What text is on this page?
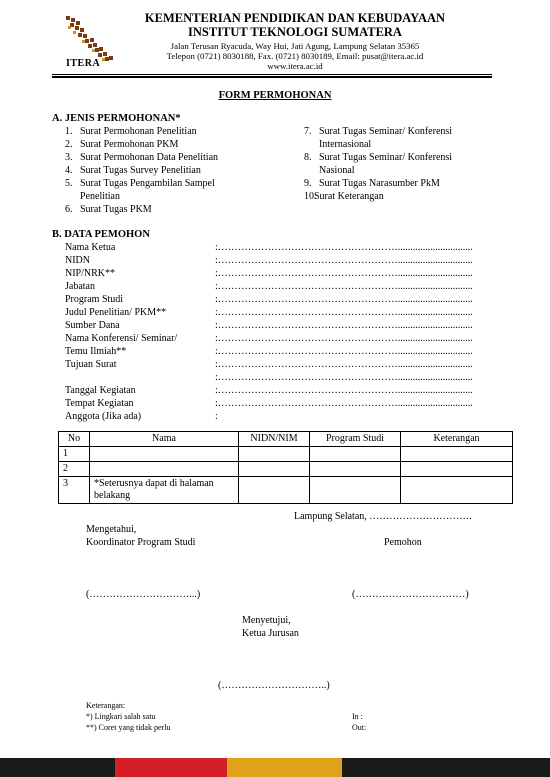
ITERA
KEMENTERIAN PENDIDIKAN DAN KEBUDAYAAN
INSTITUT TEKNOLOGI SUMATERA
Jalan Terusan Ryacuda, Way Hui, Jati Agung, Lampung Selatan 35365
Telepon (0721) 8030188, Fax. (0721) 8030189, Email: pusat@itera.ac.id
www.itera.ac.id
FORM PERMOHONAN
A. JENIS PERMOHONAN*
1. Surat Permohonan Penelitian
2. Surat Permohonan PKM
3. Surat Permohonan Data Penelitian
4. Surat Tugas Survey Penelitian
5. Surat Tugas Pengambilan Sampel
Penelitian
6. Surat Tugas PKM
7. Surat Tugas Seminar/ Konferensi
Internasional
8. Surat Tugas Seminar/ Konferensi
Nasional
9. Surat Tugas Narasumber PkM
10.Surat Keterangan
B. DATA PEMOHON
Nama Ketua	:………………………………………………..............................
NIDN	:………………………………………………..............................
NIP/NRK**	:………………………………………………..............................
Jabatan	:………………………………………………..............................
Program Studi	:………………………………………………..............................
Judul Penelitian/ PKM**	:………………………………………………..............................
Sumber Dana	:………………………………………………..............................
Nama Konferensi/ Seminar/	:………………………………………………..............................
Temu Ilmiah**	:………………………………………………..............................
Tujuan Surat	:………………………………………………..............................
:………………………………………………..............................
Tanggal Kegiatan	:………………………………………………..............................
Tempat Kegiatan	:………………………………………………..............................
Anggota (Jika ada)	:
No	Nama	NIDN/NIM	Program Studi	Keterangan
1				
2				
3	*Seterusnya dapat di halaman belakang			
Lampung Selatan, ………………………….
Mengetahui,
Koordinator Program Studi	Pemohon
(…………………………...)	(……………………………)
Menyetujui,
Ketua Jurusan
(…………………………..)
Keterangan:
*) Lingkari salah satu
**) Coret yang tidak perlu
In :
Out:
